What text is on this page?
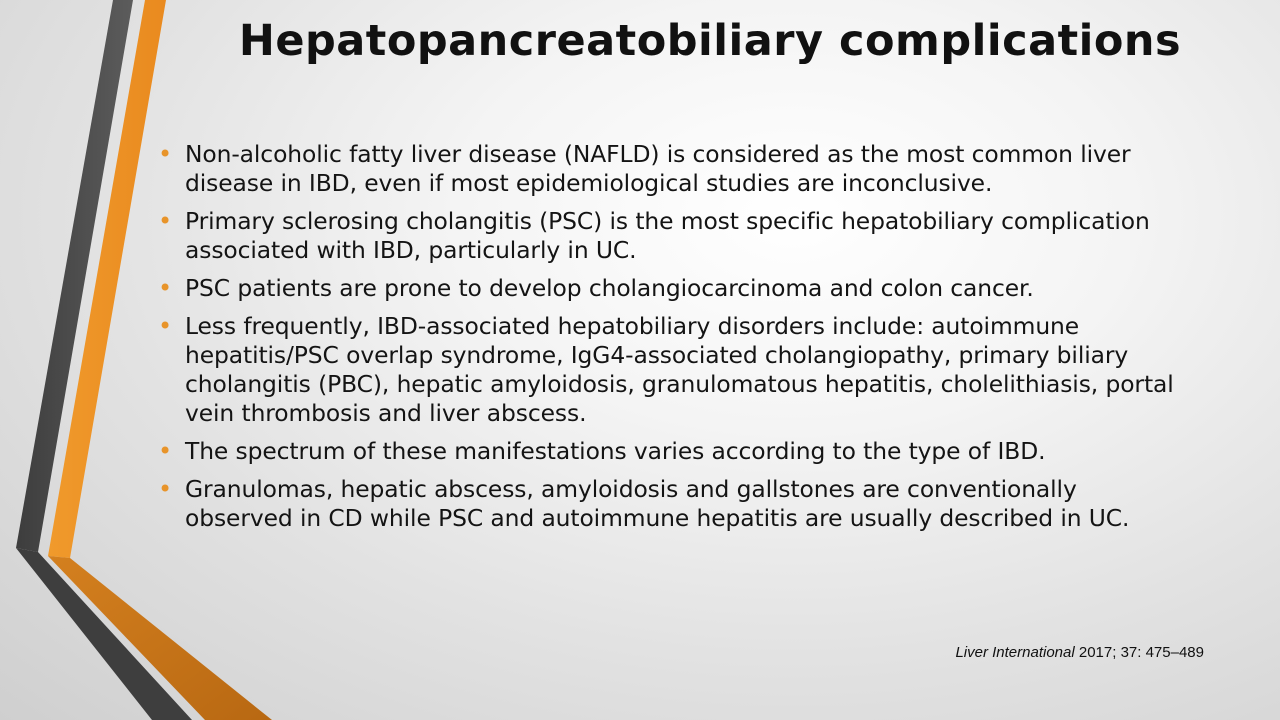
Hepatopancreatobiliary complications
• Non-alcoholic fatty liver disease (NAFLD) is considered as the most common liver disease in IBD, even if most epidemiological studies are inconclusive.
• Primary sclerosing cholangitis (PSC) is the most specific hepatobiliary complication associated with IBD, particularly in UC.
• PSC patients are prone to develop cholangiocarcinoma and colon cancer.
• Less frequently, IBD-associated hepatobiliary disorders include: autoimmune hepatitis/PSC overlap syndrome, IgG4-associated cholangiopathy, primary biliary cholangitis (PBC), hepatic amyloidosis, granulomatous hepatitis, cholelithiasis, portal vein thrombosis and liver abscess.
• The spectrum of these manifestations varies according to the type of IBD.
• Granulomas, hepatic abscess, amyloidosis and gallstones are conventionally observed in CD while PSC and autoimmune hepatitis are usually described in UC.
Liver International 2017; 37: 475–489
